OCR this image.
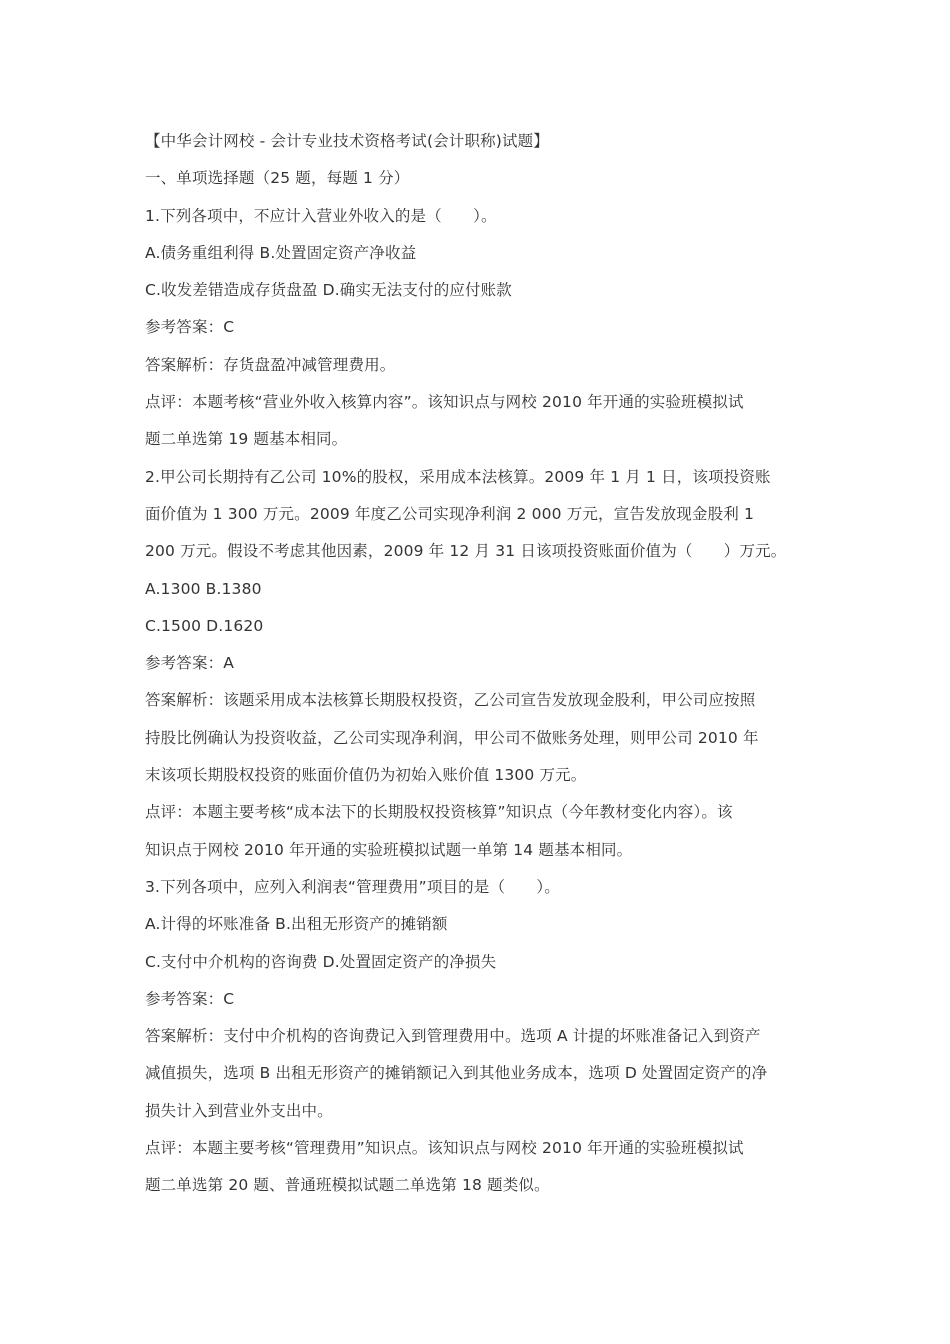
【中华会计网校 - 会计专业技术资格考试(会计职称)试题】
一、单项选择题（25 题，每题 1 分）
1.下列各项中，不应计入营业外收入的是（　　）。
A.债务重组利得 B.处置固定资产净收益
C.收发差错造成存货盘盈 D.确实无法支付的应付账款
参考答案：C
答案解析：存货盘盈冲减管理费用。
点评：本题考核“营业外收入核算内容”。该知识点与网校 2010 年开通的实验班模拟试
题二单选第 19 题基本相同。
2.甲公司长期持有乙公司 10%的股权，采用成本法核算。2009 年 1 月 1 日，该项投资账
面价值为 1 300 万元。2009 年度乙公司实现净利润 2 000 万元，宣告发放现金股利 1
200 万元。假设不考虑其他因素，2009 年 12 月 31 日该项投资账面价值为（　　）万元。
A.1300 B.1380
C.1500 D.1620
参考答案：A
答案解析：该题采用成本法核算长期股权投资，乙公司宣告发放现金股利，甲公司应按照
持股比例确认为投资收益，乙公司实现净利润，甲公司不做账务处理，则甲公司 2010 年
末该项长期股权投资的账面价值仍为初始入账价值 1300 万元。
点评：本题主要考核“成本法下的长期股权投资核算”知识点（今年教材变化内容）。该
知识点于网校 2010 年开通的实验班模拟试题一单第 14 题基本相同。
3.下列各项中，应列入利润表“管理费用”项目的是（　　）。
A.计得的坏账准备 B.出租无形资产的摊销额
C.支付中介机构的咨询费 D.处置固定资产的净损失
参考答案：C
答案解析：支付中介机构的咨询费记入到管理费用中。选项 A 计提的坏账准备记入到资产
减值损失，选项 B 出租无形资产的摊销额记入到其他业务成本，选项 D 处置固定资产的净
损失计入到营业外支出中。
点评：本题主要考核“管理费用”知识点。该知识点与网校 2010 年开通的实验班模拟试
题二单选第 20 题、普通班模拟试题二单选第 18 题类似。
